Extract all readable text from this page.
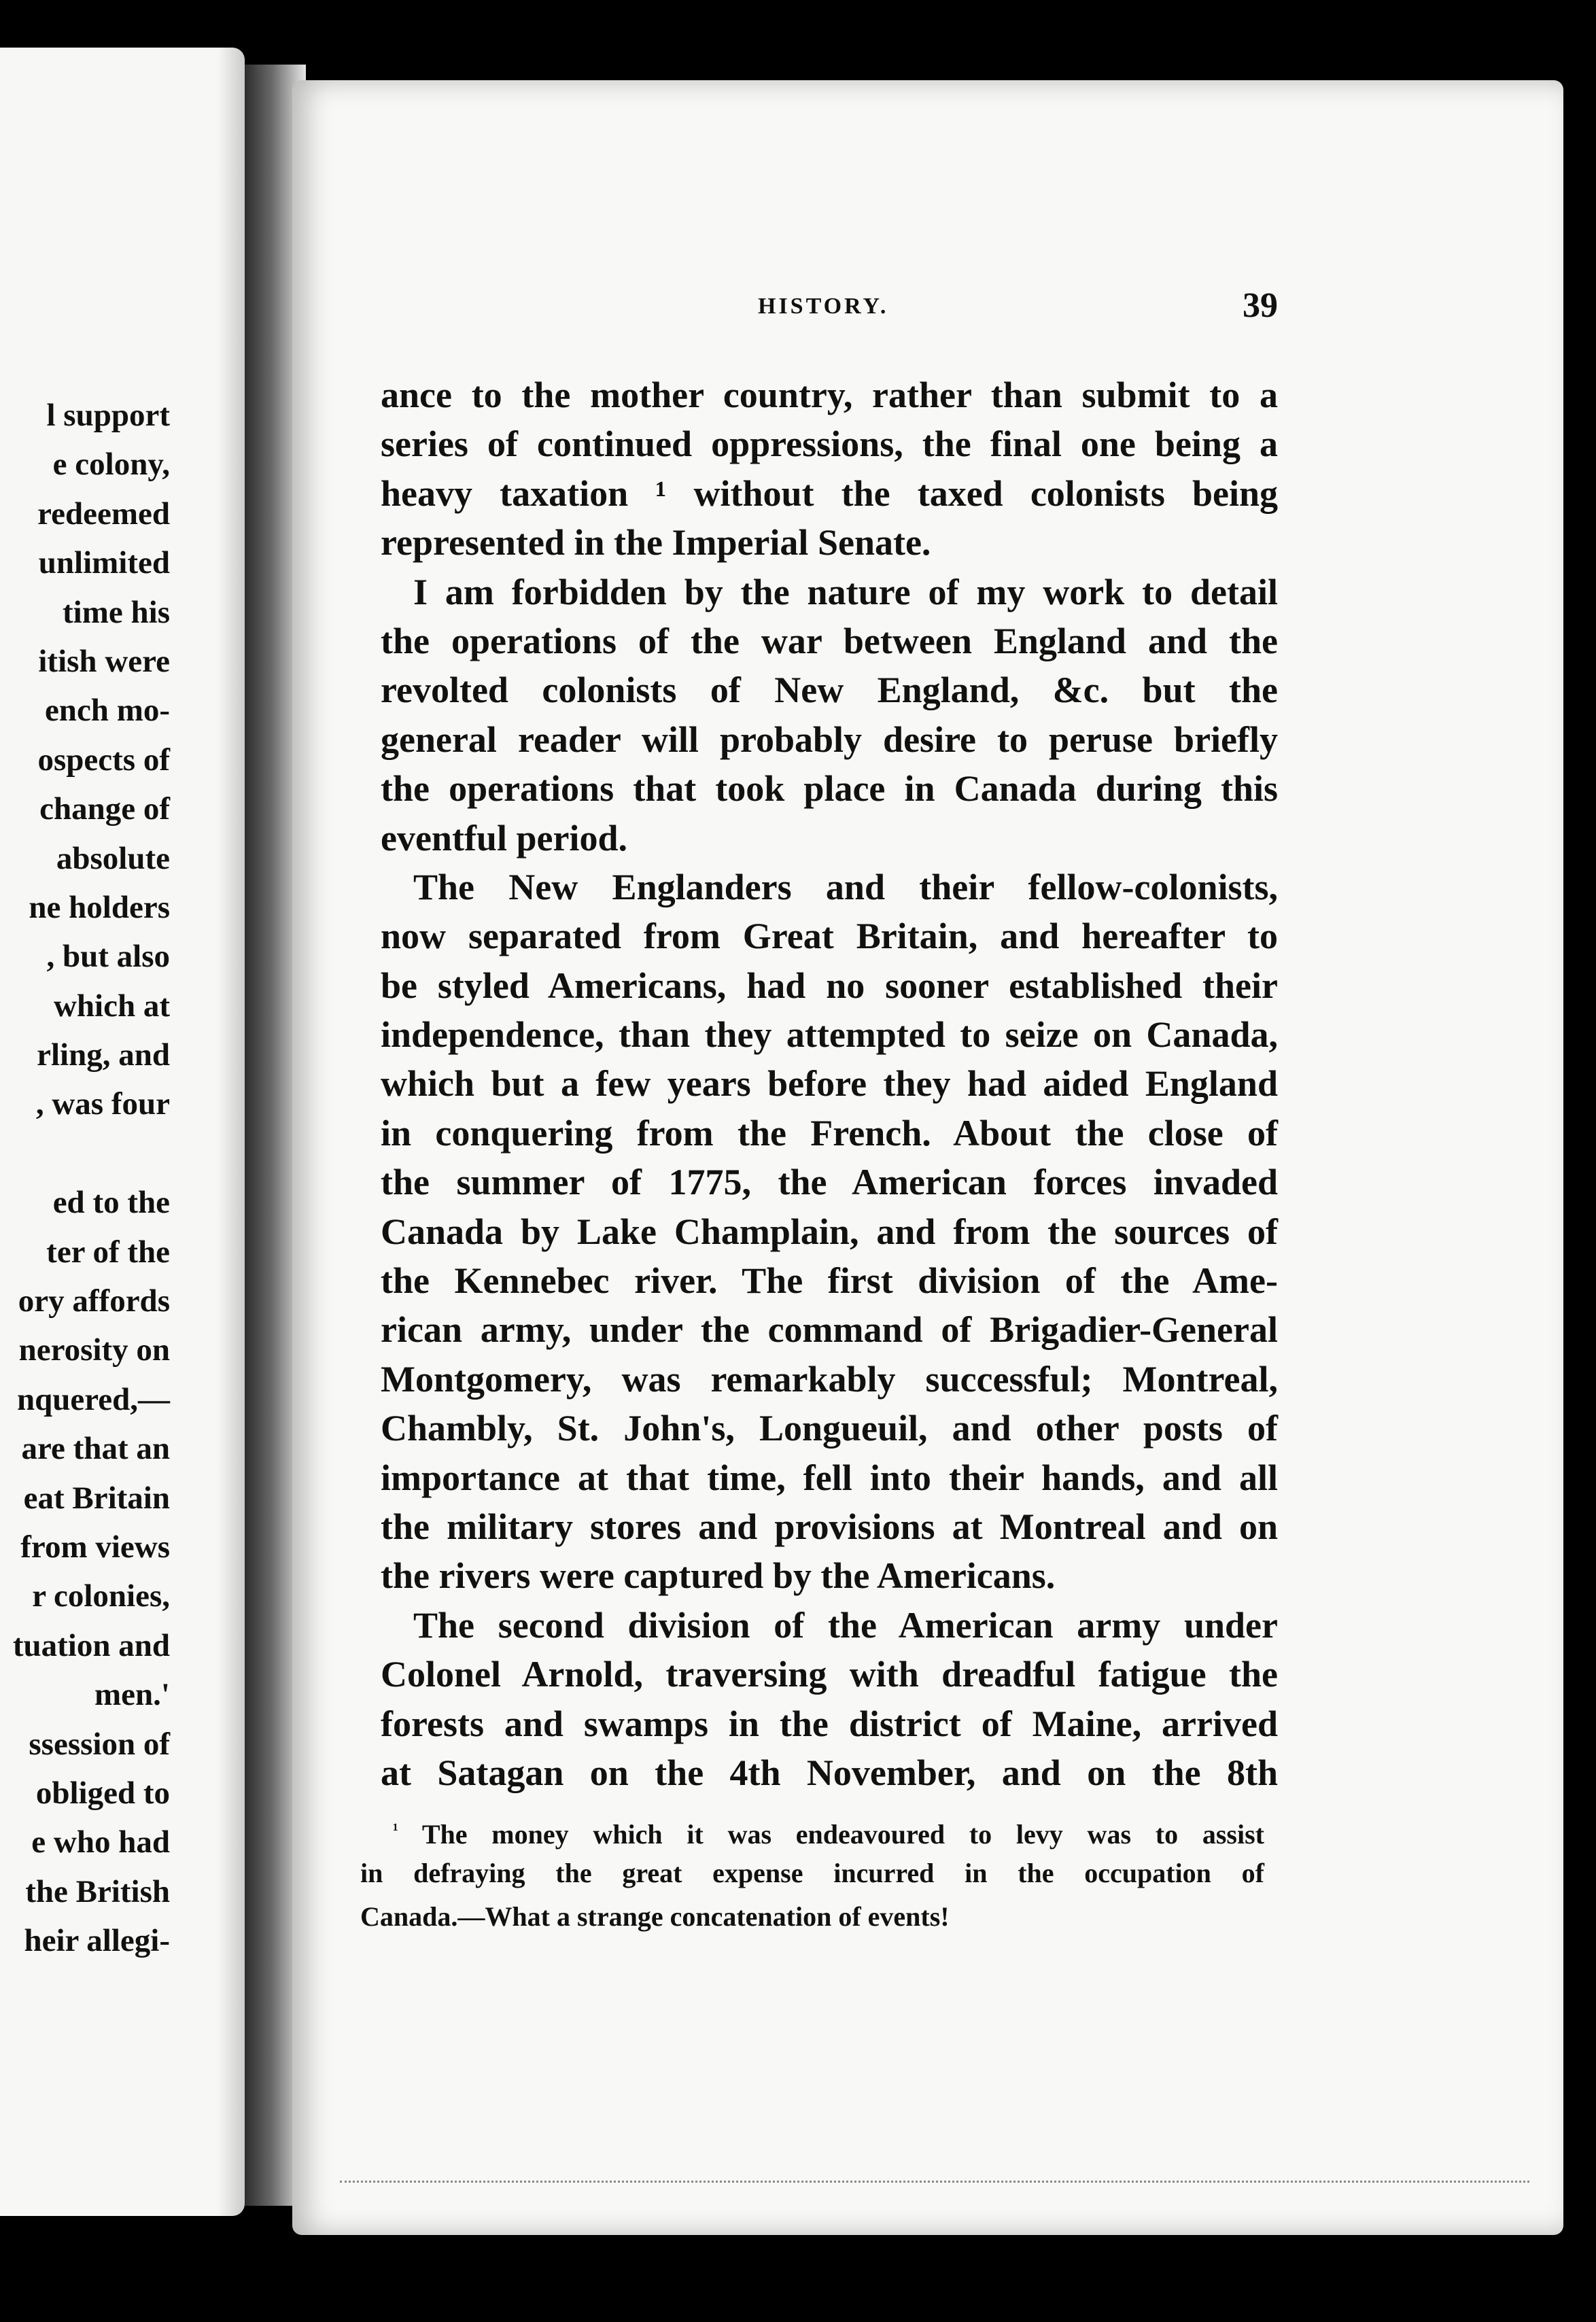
l support
e colony,
redeemed
unlimited
time his
itish were
ench mo-
ospects of
change of
absolute
ne holders
, but also
which at
rling, and
, was four
ed to the
ter of the
ory affords
nerosity on
nquered,—
are that an
eat Britain
from views
r colonies,
tuation and
men.'
ssession of
obliged to
e who had
the British
heir allegi-
HISTORY.	39
ance to the mother country, rather than submit to a
series of continued oppressions, the final one being a
heavy taxation ¹ without the taxed colonists being
represented in the Imperial Senate.
I am forbidden by the nature of my work to detail
the operations of the war between England and the
revolted colonists of New England, &c. but the
general reader will probably desire to peruse briefly
the operations that took place in Canada during this
eventful period.
The New Englanders and their fellow-colonists,
now separated from Great Britain, and hereafter to
be styled Americans, had no sooner established their
independence, than they attempted to seize on Canada,
which but a few years before they had aided England
in conquering from the French. About the close of
the summer of 1775, the American forces invaded
Canada by Lake Champlain, and from the sources of
the Kennebec river. The first division of the Ame-
rican army, under the command of Brigadier-General
Montgomery, was remarkably successful; Montreal,
Chambly, St. John's, Longueuil, and other posts of
importance at that time, fell into their hands, and all
the military stores and provisions at Montreal and on
the rivers were captured by the Americans.
The second division of the American army under
Colonel Arnold, traversing with dreadful fatigue the
forests and swamps in the district of Maine, arrived
at Satagan on the 4th November, and on the 8th
$^{^1}$ The money which it was endeavoured to levy was to assist
in defraying the great expense incurred in the occupation of
Canada.—What a strange concatenation of events!
